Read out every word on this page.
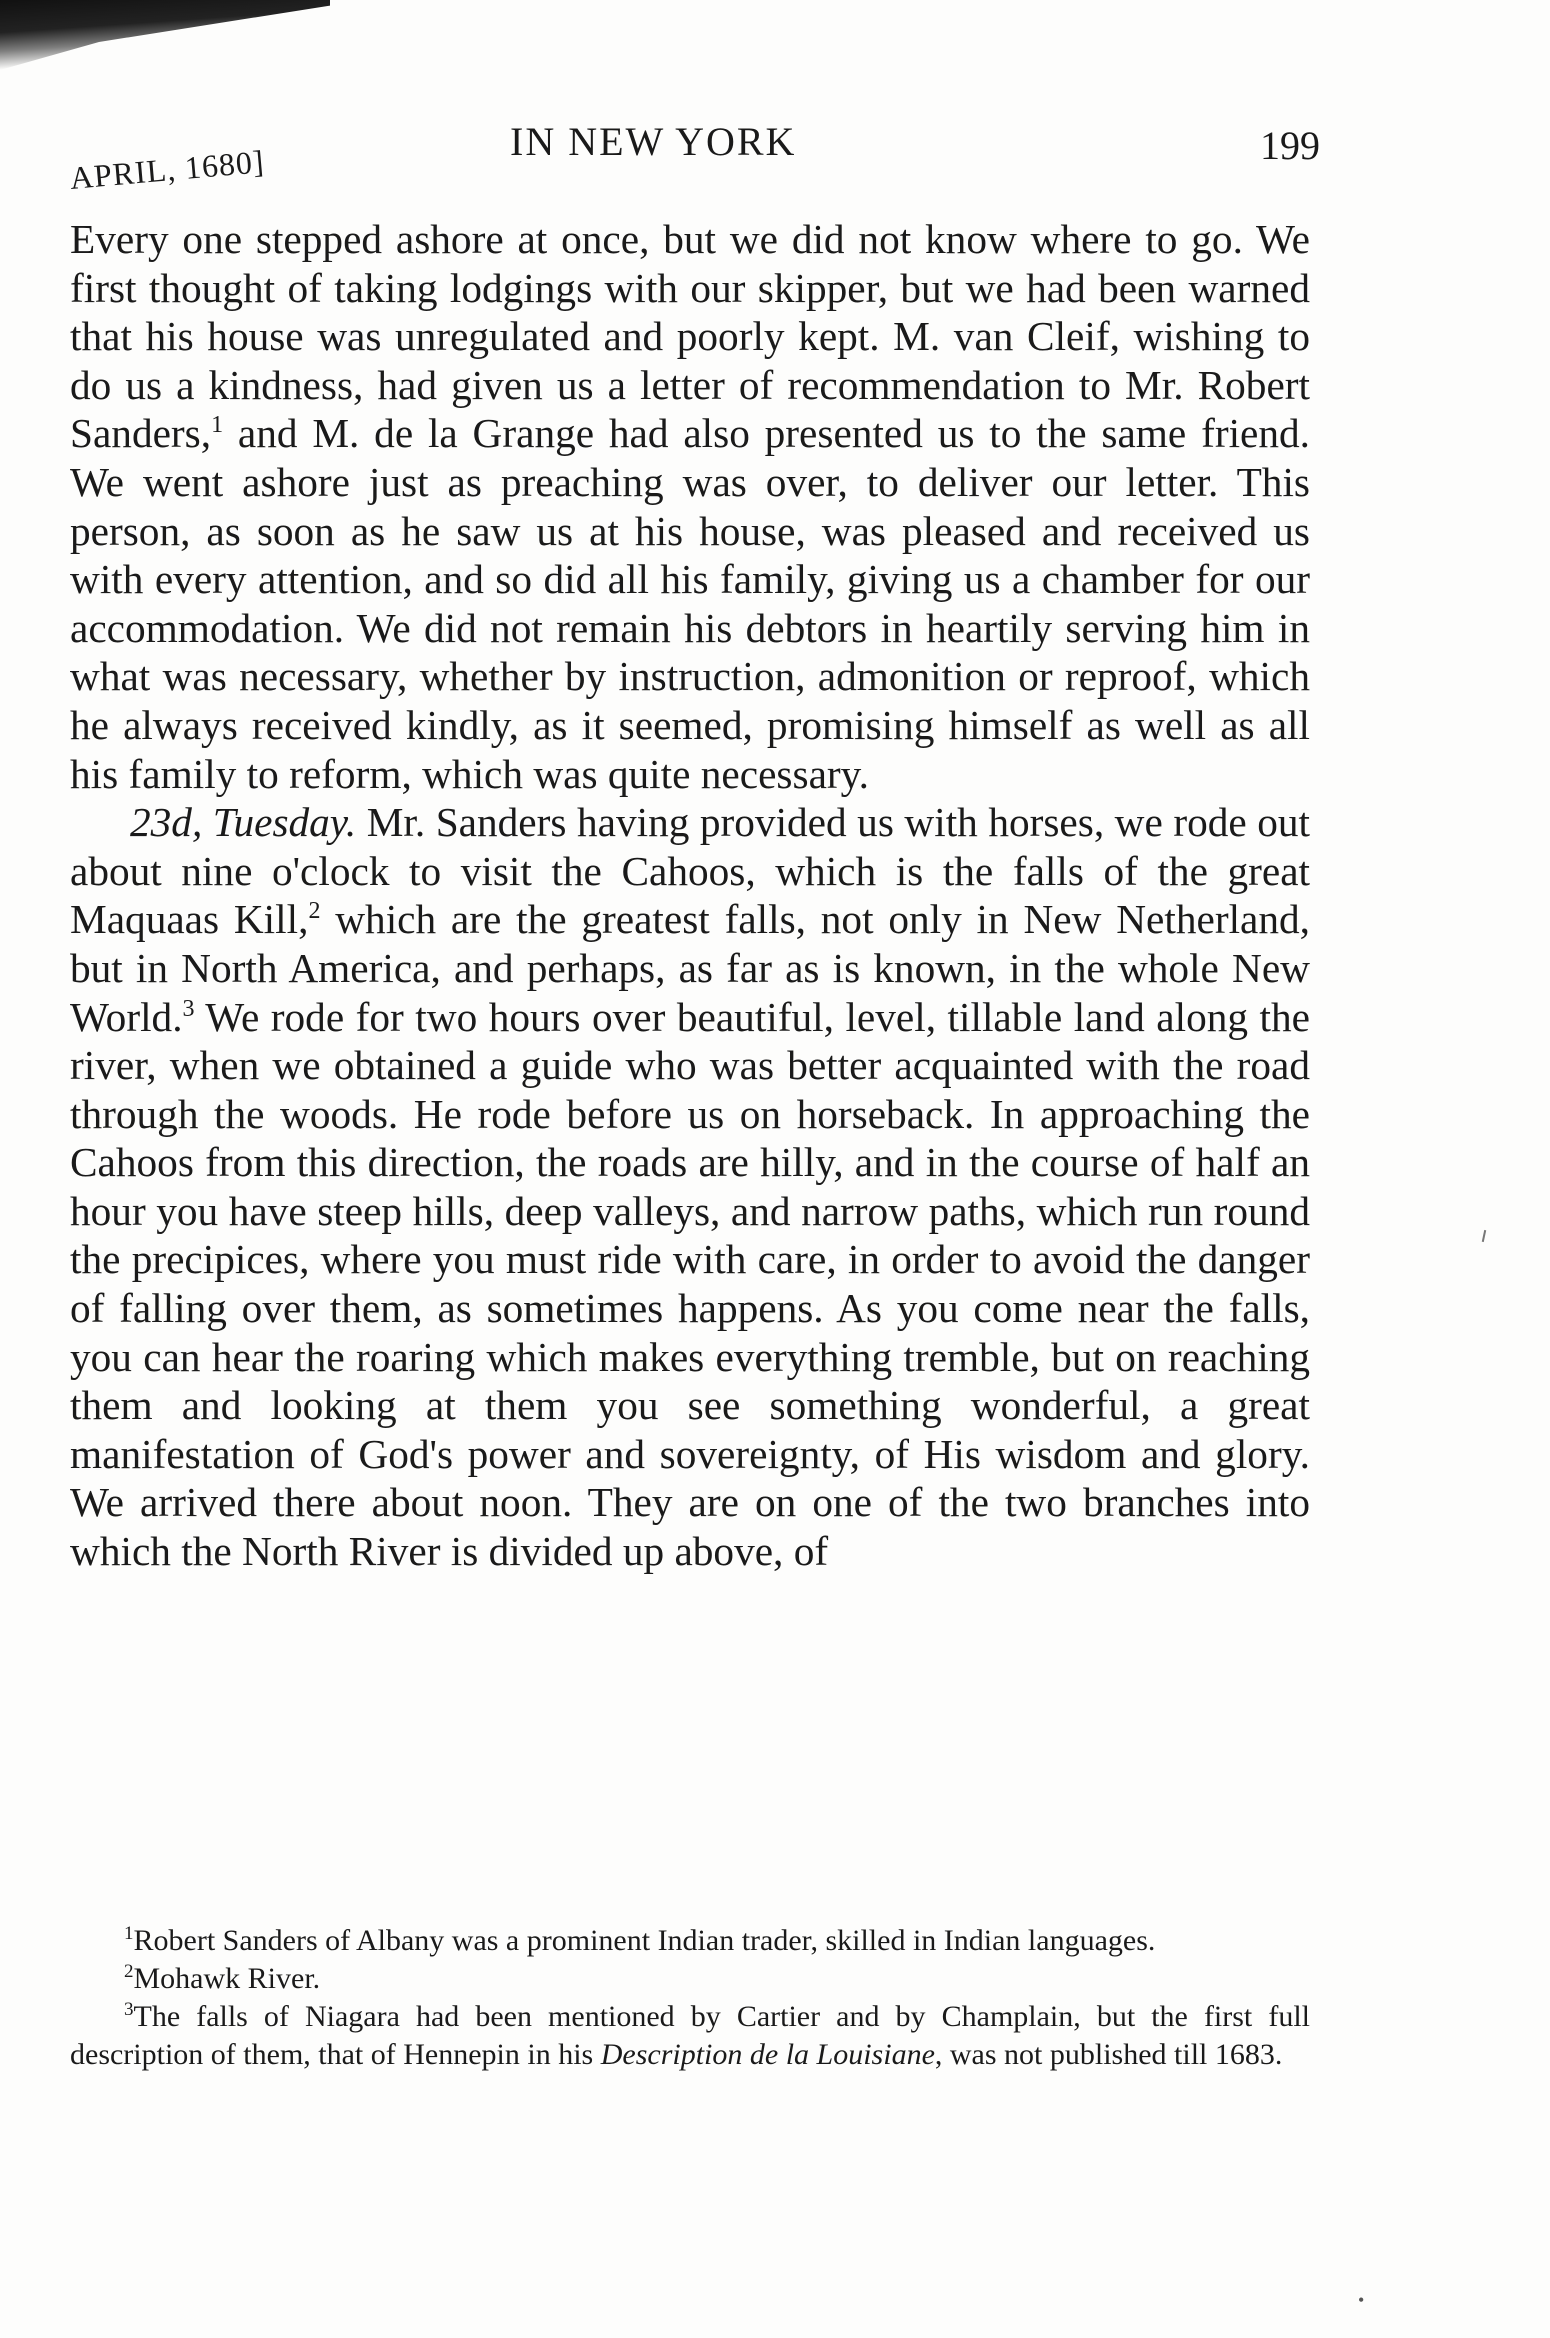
APRIL, 1680]
IN NEW YORK	199

Every one stepped ashore at once, but we did not know where to go. We first thought of taking lodgings with our skipper, but we had been warned that his house was unregulated and poorly kept. M. van Cleif, wishing to do us a kindness, had given us a letter of recommendation to Mr. Robert Sanders,$^1$ and M. de la Grange had also presented us to the same friend. We went ashore just as preaching was over, to deliver our letter. This person, as soon as he saw us at his house, was pleased and received us with every attention, and so did all his family, giving us a chamber for our accommodation. We did not remain his debtors in heartily serving him in what was necessary, whether by instruction, admonition or reproof, which he always received kindly, as it seemed, promising himself as well as all his family to reform, which was quite necessary.

23d, Tuesday. Mr. Sanders having provided us with horses, we rode out about nine o'clock to visit the Cahoos, which is the falls of the great Maquaas Kill,$^2$ which are the greatest falls, not only in New Netherland, but in North America, and perhaps, as far as is known, in the whole New World.$^3$ We rode for two hours over beautiful, level, tillable land along the river, when we obtained a guide who was better acquainted with the road through the woods. He rode before us on horseback. In approaching the Cahoos from this direction, the roads are hilly, and in the course of half an hour you have steep hills, deep valleys, and narrow paths, which run round the precipices, where you must ride with care, in order to avoid the danger of falling over them, as sometimes happens. As you come near the falls, you can hear the roaring which makes everything tremble, but on reaching them and looking at them you see something wonderful, a great manifestation of God's power and sovereignty, of His wisdom and glory. We arrived there about noon. They are on one of the two branches into which the North River is divided up above, of

$^1$Robert Sanders of Albany was a prominent Indian trader, skilled in Indian languages.

$^2$Mohawk River.

$^3$The falls of Niagara had been mentioned by Cartier and by Champlain, but the first full description of them, that of Hennepin in his Description de la Louisiane, was not published till 1683.

•
